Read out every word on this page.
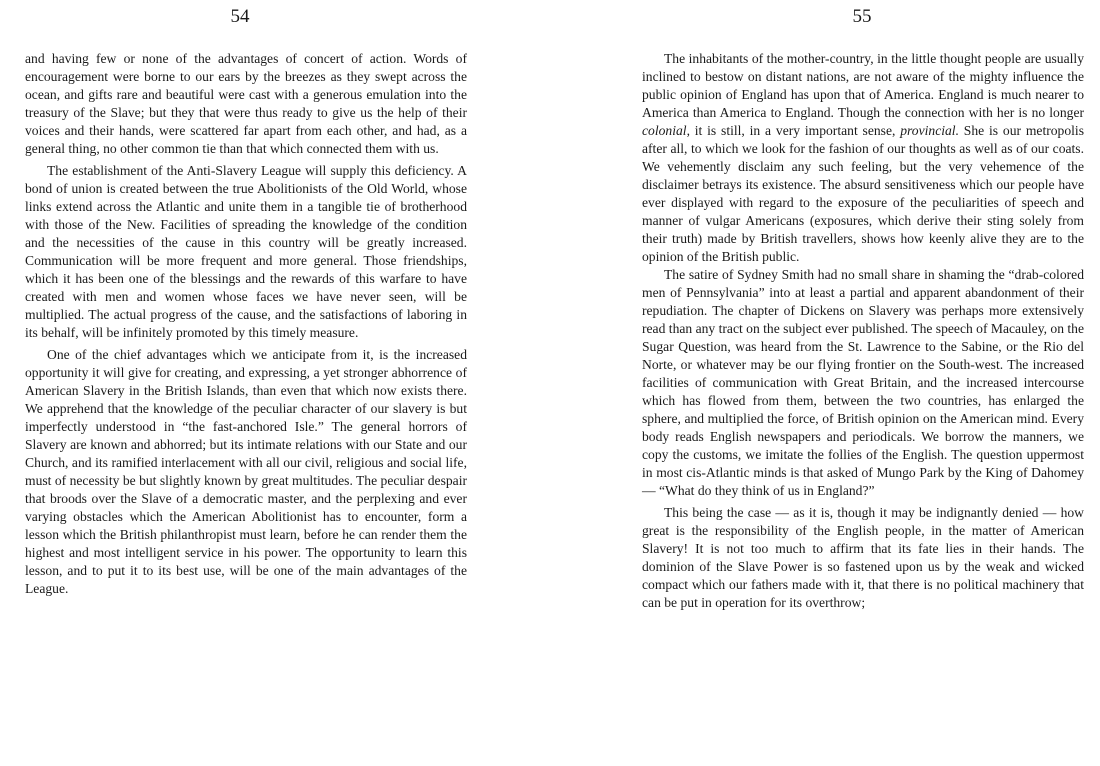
54

and having few or none of the advantages of concert of action. Words of encouragement were borne to our ears by the breezes as they swept across the ocean, and gifts rare and beautiful were cast with a generous emulation into the treasury of the Slave; but they that were thus ready to give us the help of their voices and their hands, were scattered far apart from each other, and had, as a general thing, no other common tie than that which connected them with us.

The establishment of the Anti-Slavery League will supply this deficiency. A bond of union is created between the true Abolitionists of the Old World, whose links extend across the Atlantic and unite them in a tangible tie of brotherhood with those of the New. Facilities of spreading the knowledge of the condition and the necessities of the cause in this country will be greatly increased. Communication will be more frequent and more general. Those friendships, which it has been one of the blessings and the rewards of this warfare to have created with men and women whose faces we have never seen, will be multiplied. The actual progress of the cause, and the satisfactions of laboring in its behalf, will be infinitely promoted by this timely measure.

One of the chief advantages which we anticipate from it, is the increased opportunity it will give for creating, and expressing, a yet stronger abhorrence of American Slavery in the British Islands, than even that which now exists there. We apprehend that the knowledge of the peculiar character of our slavery is but imperfectly understood in “the fast-anchored Isle.” The general horrors of Slavery are known and abhorred; but its intimate relations with our State and our Church, and its ramified interlacement with all our civil, religious and social life, must of necessity be but slightly known by great multitudes. The peculiar despair that broods over the Slave of a democratic master, and the perplexing and ever varying obstacles which the American Abolitionist has to encounter, form a lesson which the British philanthropist must learn, before he can render them the highest and most intelligent service in his power. The opportunity to learn this lesson, and to put it to its best use, will be one of the main advantages of the League.

55

The inhabitants of the mother-country, in the little thought people are usually inclined to bestow on distant nations, are not aware of the mighty influence the public opinion of England has upon that of America. England is much nearer to America than America to England. Though the connection with her is no longer colonial, it is still, in a very important sense, provincial. She is our metropolis after all, to which we look for the fashion of our thoughts as well as of our coats. We vehemently disclaim any such feeling, but the very vehemence of the disclaimer betrays its existence. The absurd sensitiveness which our people have ever displayed with regard to the exposure of the peculiarities of speech and manner of vulgar Americans (exposures, which derive their sting solely from their truth) made by British travellers, shows how keenly alive they are to the opinion of the British public.

The satire of Sydney Smith had no small share in shaming the “drab-colored men of Pennsylvania” into at least a partial and apparent abandonment of their repudiation. The chapter of Dickens on Slavery was perhaps more extensively read than any tract on the subject ever published. The speech of Macauley, on the Sugar Question, was heard from the St. Lawrence to the Sabine, or the Rio del Norte, or whatever may be our flying frontier on the South-west. The increased facilities of communication with Great Britain, and the increased intercourse which has flowed from them, between the two countries, has enlarged the sphere, and multiplied the force, of British opinion on the American mind. Every body reads English newspapers and periodicals. We borrow the manners, we copy the customs, we imitate the follies of the English. The question uppermost in most cis-Atlantic minds is that asked of Mungo Park by the King of Dahomey — “What do they think of us in England?”

This being the case — as it is, though it may be indignantly denied — how great is the responsibility of the English people, in the matter of American Slavery! It is not too much to affirm that its fate lies in their hands. The dominion of the Slave Power is so fastened upon us by the weak and wicked compact which our fathers made with it, that there is no political machinery that can be put in operation for its overthrow;
